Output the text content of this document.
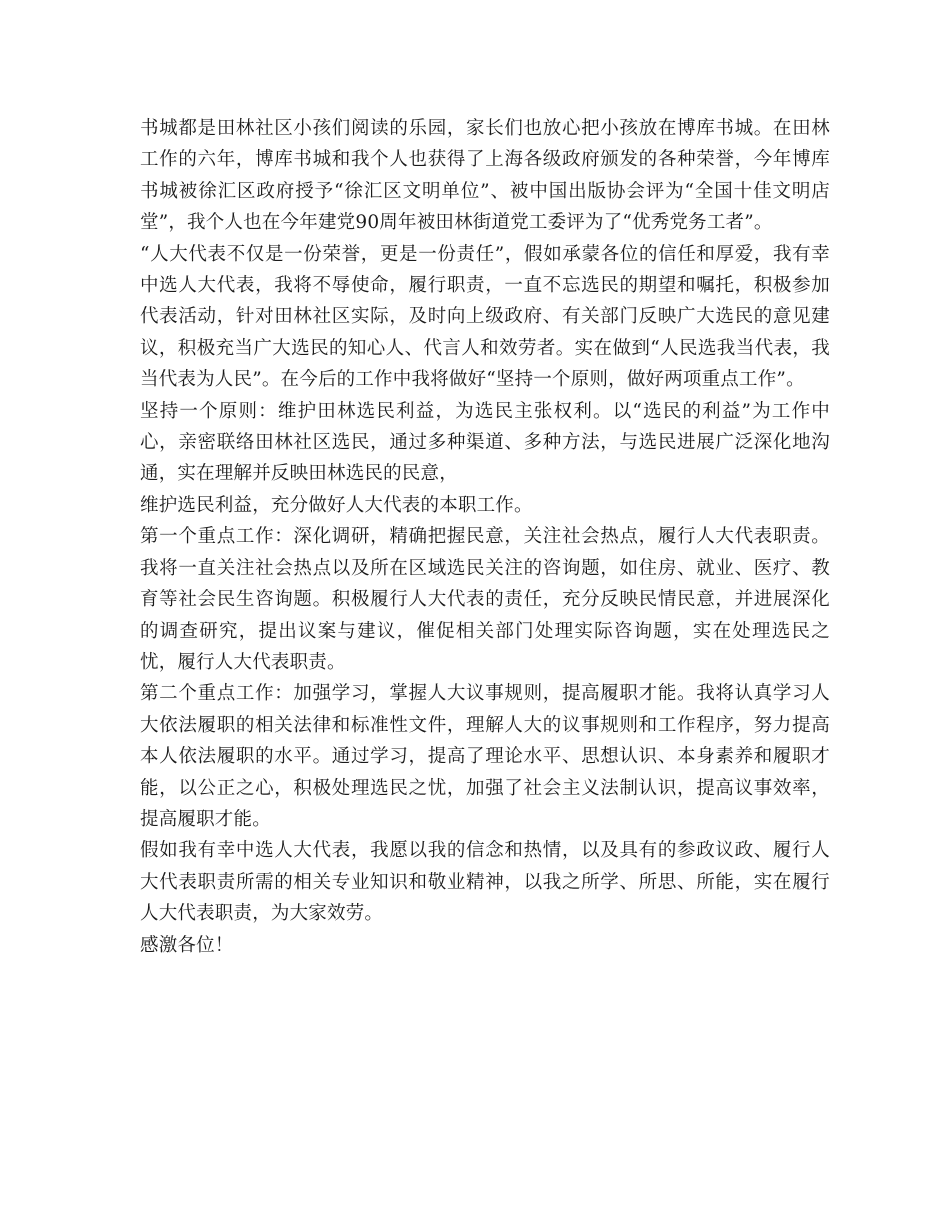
书城都是田林社区小孩们阅读的乐园，家长们也放心把小孩放在博库书城。在田林工作的六年，博库书城和我个人也获得了上海各级政府颁发的各种荣誉，今年博库书城被徐汇区政府授予“徐汇区文明单位”、被中国出版协会评为“全国十佳文明店堂”，我个人也在今年建党90周年被田林街道党工委评为了“优秀党务工者”。

“人大代表不仅是一份荣誉，更是一份责任”，假如承蒙各位的信任和厚爱，我有幸中选人大代表，我将不辱使命，履行职责，一直不忘选民的期望和嘱托，积极参加代表活动，针对田林社区实际，及时向上级政府、有关部门反映广大选民的意见建议，积极充当广大选民的知心人、代言人和效劳者。实在做到“人民选我当代表，我当代表为人民”。在今后的工作中我将做好“坚持一个原则，做好两项重点工作”。

坚持一个原则：维护田林选民利益，为选民主张权利。以“选民的利益”为工作中心，亲密联络田林社区选民，通过多种渠道、多种方法，与选民进展广泛深化地沟通，实在理解并反映田林选民的民意，

维护选民利益，充分做好人大代表的本职工作。

第一个重点工作：深化调研，精确把握民意，关注社会热点，履行人大代表职责。我将一直关注社会热点以及所在区域选民关注的咨询题，如住房、就业、医疗、教育等社会民生咨询题。积极履行人大代表的责任，充分反映民情民意，并进展深化的调查研究，提出议案与建议，催促相关部门处理实际咨询题，实在处理选民之忧，履行人大代表职责。

第二个重点工作：加强学习，掌握人大议事规则，提高履职才能。我将认真学习人大依法履职的相关法律和标准性文件，理解人大的议事规则和工作程序，努力提高本人依法履职的水平。通过学习，提高了理论水平、思想认识、本身素养和履职才能，以公正之心，积极处理选民之忧，加强了社会主义法制认识，提高议事效率，提高履职才能。

假如我有幸中选人大代表，我愿以我的信念和热情，以及具有的参政议政、履行人大代表职责所需的相关专业知识和敬业精神，以我之所学、所思、所能，实在履行人大代表职责，为大家效劳。

感激各位！
